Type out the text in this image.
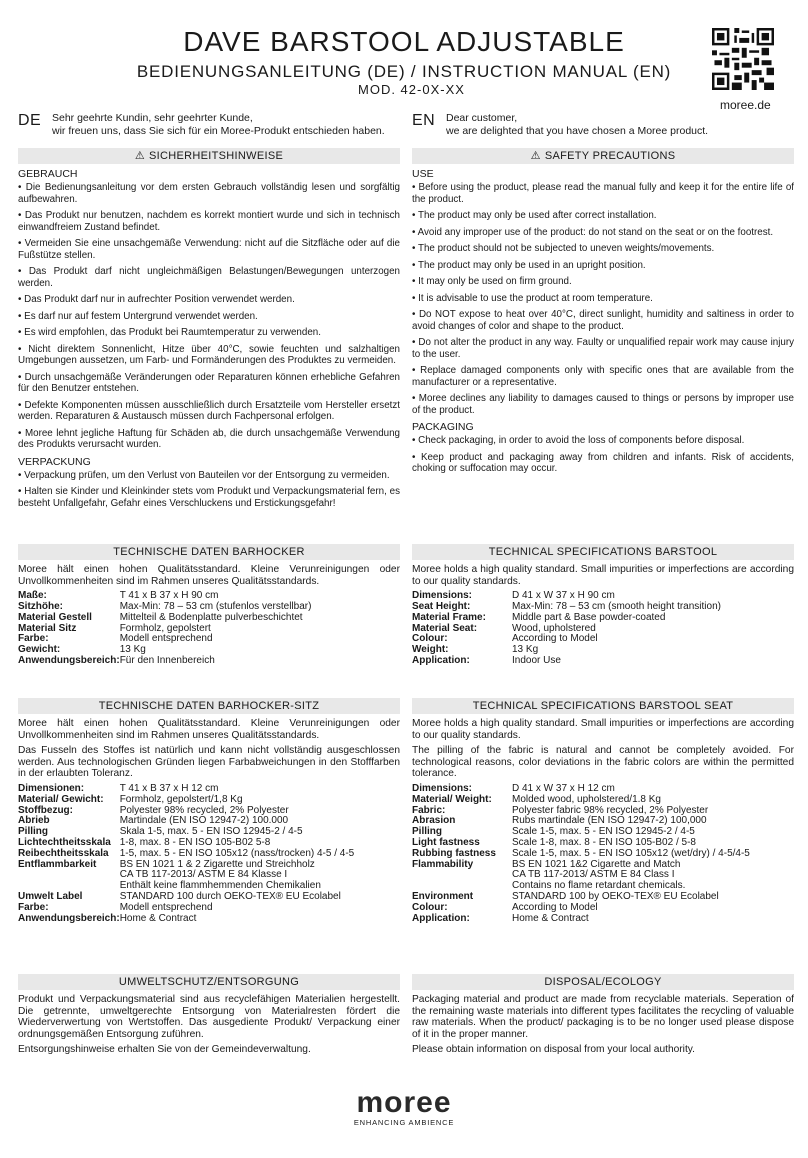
DAVE BARSTOOL ADJUSTABLE
BEDIENUNGSANLEITUNG (DE) / INSTRUCTION MANUAL (EN)
MOD. 42-0X-XX
moree.de
DE	Sehr geehrte Kundin, sehr geehrter Kunde,
wir freuen uns, dass Sie sich für ein Moree-Produkt entschieden haben.
⚠ SICHERHEITSHINWEISE
GEBRAUCH
• Die Bedienungsanleitung vor dem ersten Gebrauch vollständig lesen und sorgfältig aufbewahren.
• Das Produkt nur benutzen, nachdem es korrekt montiert wurde und sich in technisch einwandfreiem Zustand befindet.
• Vermeiden Sie eine unsachgemäße Verwendung: nicht auf die Sitzfläche oder auf die Fußstütze stellen.
• Das Produkt darf nicht ungleichmäßigen Belastungen/Bewegungen unterzogen werden.
• Das Produkt darf nur in aufrechter Position verwendet werden.
• Es darf nur auf festem Untergrund verwendet werden.
• Es wird empfohlen, das Produkt bei Raumtemperatur zu verwenden.
• Nicht direktem Sonnenlicht, Hitze über 40°C, sowie feuchten und salzhaltigen Umgebungen aussetzen, um Farb- und Formänderungen des Produktes zu vermeiden.
• Durch unsachgemäße Veränderungen oder Reparaturen können erhebliche Gefahren für den Benutzer entstehen.
• Defekte Komponenten müssen ausschließlich durch Ersatzteile vom Hersteller ersetzt werden. Reparaturen & Austausch müssen durch Fachpersonal erfolgen.
• Moree lehnt jegliche Haftung für Schäden ab, die durch unsachgemäße Verwendung des Produkts verursacht wurden.
VERPACKUNG
• Verpackung prüfen, um den Verlust von Bauteilen vor der Entsorgung zu vermeiden.
• Halten sie Kinder und Kleinkinder stets vom Produkt und Verpackungsmaterial fern, es besteht Unfallgefahr, Gefahr eines Verschluckens und Erstickungsgefahr!
EN	Dear customer,
we are delighted that you have chosen a Moree product.
⚠ SAFETY PRECAUTIONS
USE
• Before using the product, please read the manual fully and keep it for the entire life of the product.
• The product may only be used after correct installation.
• Avoid any improper use of the product: do not stand on the seat or on the footrest.
• The product should not be subjected to uneven weights/movements.
• The product may only be used in an upright position.
• It may only be used on firm ground.
• It is advisable to use the product at room temperature.
• Do NOT expose to heat over 40°C, direct sunlight, humidity and saltiness in order to avoid changes of color and shape to the product.
• Do not alter the product in any way. Faulty or unqualified repair work may cause injury to the user.
• Replace damaged components only with specific ones that are available from the manufacturer or a representative.
• Moree declines any liability to damages caused to things or persons by improper use of the product.
PACKAGING
• Check packaging, in order to avoid the loss of components before disposal.
• Keep product and packaging away from children and infants. Risk of accidents, choking or suffocation may occur.
TECHNISCHE DATEN BARHOCKER

Moree hält einen hohen Qualitätsstandard. Kleine Verunreinigungen oder Unvollkommenheiten sind im Rahmen unseres Qualitätsstandards.

Maße:	T 41 x B 37 x H 90 cm
Sitzhöhe:	Max-Min: 78 – 53 cm (stufenlos verstellbar)
Material Gestell	Mittelteil & Bodenplatte pulverbeschichtet
Material Sitz	Formholz, gepolstert
Farbe:	Modell entsprechend
Gewicht:	13 Kg
Anwendungsbereich:	Für den Innenbereich
TECHNICAL SPECIFICATIONS BARSTOOL

Moree holds a high quality standard. Small impurities or imperfections are according to our quality standards.

Dimensions:	D 41 x W 37 x H 90 cm
Seat Height:	Max-Min: 78 – 53 cm (smooth height transition)
Material Frame:	Middle part & Base powder-coated
Material Seat:	Wood, upholstered
Colour:	According to Model
Weight:	13 Kg
Application:	Indoor Use
TECHNISCHE DATEN BARHOCKER-SITZ

Moree hält einen hohen Qualitätsstandard. Kleine Verunreinigungen oder Unvollkommenheiten sind im Rahmen unseres Qualitätsstandards.

Das Fusseln des Stoffes ist natürlich und kann nicht vollständig ausgeschlossen werden. Aus technologischen Gründen liegen Farbabweichungen in den Stofffarben in der erlaubten Toleranz.

Dimensionen:	T 41 x B 37 x H 12 cm
Material/ Gewicht:	Formholz, gepolstert/1,8 Kg
Stoffbezug:	Polyester 98% recycled, 2% Polyester
Abrieb	Martindale (EN ISO 12947-2) 100.000
Pilling	Skala 1-5, max. 5 - EN ISO 12945-2 / 4-5
Lichtechtheitsskala	1-8, max. 8 - EN ISO 105-B02 5-8
Reibechtheitsskala	1-5, max. 5 - EN ISO 105x12 (nass/trocken) 4-5 / 4-5
Entflammbarkeit	BS EN 1021 1 & 2 Zigarette und Streichholz
	CA TB 117-2013/ ASTM E 84 Klasse I
	Enthält keine flammhemmenden Chemikalien
Umwelt Label	STANDARD 100 durch OEKO-TEX® EU Ecolabel
Farbe:	Modell entsprechend
Anwendungsbereich:	Home & Contract
TECHNICAL SPECIFICATIONS BARSTOOL SEAT

Moree holds a high quality standard. Small impurities or imperfections are according to our quality standards.

The pilling of the fabric is natural and cannot be completely avoided. For technological reasons, color deviations in the fabric colors are within the permitted tolerance.

Dimensions:	D 41 x W 37 x H 12 cm
Material/ Weight:	Molded wood, upholstered/1.8 Kg
Fabric:	Polyester fabric 98% recycled, 2% Polyester
Abrasion	Rubs martindale (EN ISO 12947-2) 100,000
Pilling	Scale 1-5, max. 5 - EN ISO 12945-2 / 4-5
Light fastness	Scale 1-8, max. 8 - EN ISO 105-B02 / 5-8
Rubbing fastness	Scale 1-5, max. 5 - EN ISO 105x12 (wet/dry) / 4-5/4-5
Flammability	BS EN 1021 1&2 Cigarette and Match
	CA TB 117-2013/ ASTM E 84 Class I
	Contains no flame retardant chemicals.
Environment	STANDARD 100 by OEKO-TEX® EU Ecolabel
Colour:	According to Model
Application:	Home & Contract
UMWELTSCHUTZ/ENTSORGUNG

Produkt und Verpackungsmaterial sind aus recyclefähigen Materialien hergestellt. Die getrennte, umweltgerechte Entsorgung von Materialresten fördert die Wiederverwertung von Wertstoffen. Das ausgediente Produkt/ Verpackung einer ordnungsgemäßen Entsorgung zuführen.

Entsorgungshinweise erhalten Sie von der Gemeindeverwaltung.

DISPOSAL/ECOLOGY

Packaging material and product are made from recyclable materials. Seperation of the remaining waste materials into different types facilitates the recycling of valuable raw materials. When the product/ packaging is to be no longer used please dispose of it in the proper manner.

Please obtain information on disposal from your local authority.

moree
ENHANCING AMBIENCE
